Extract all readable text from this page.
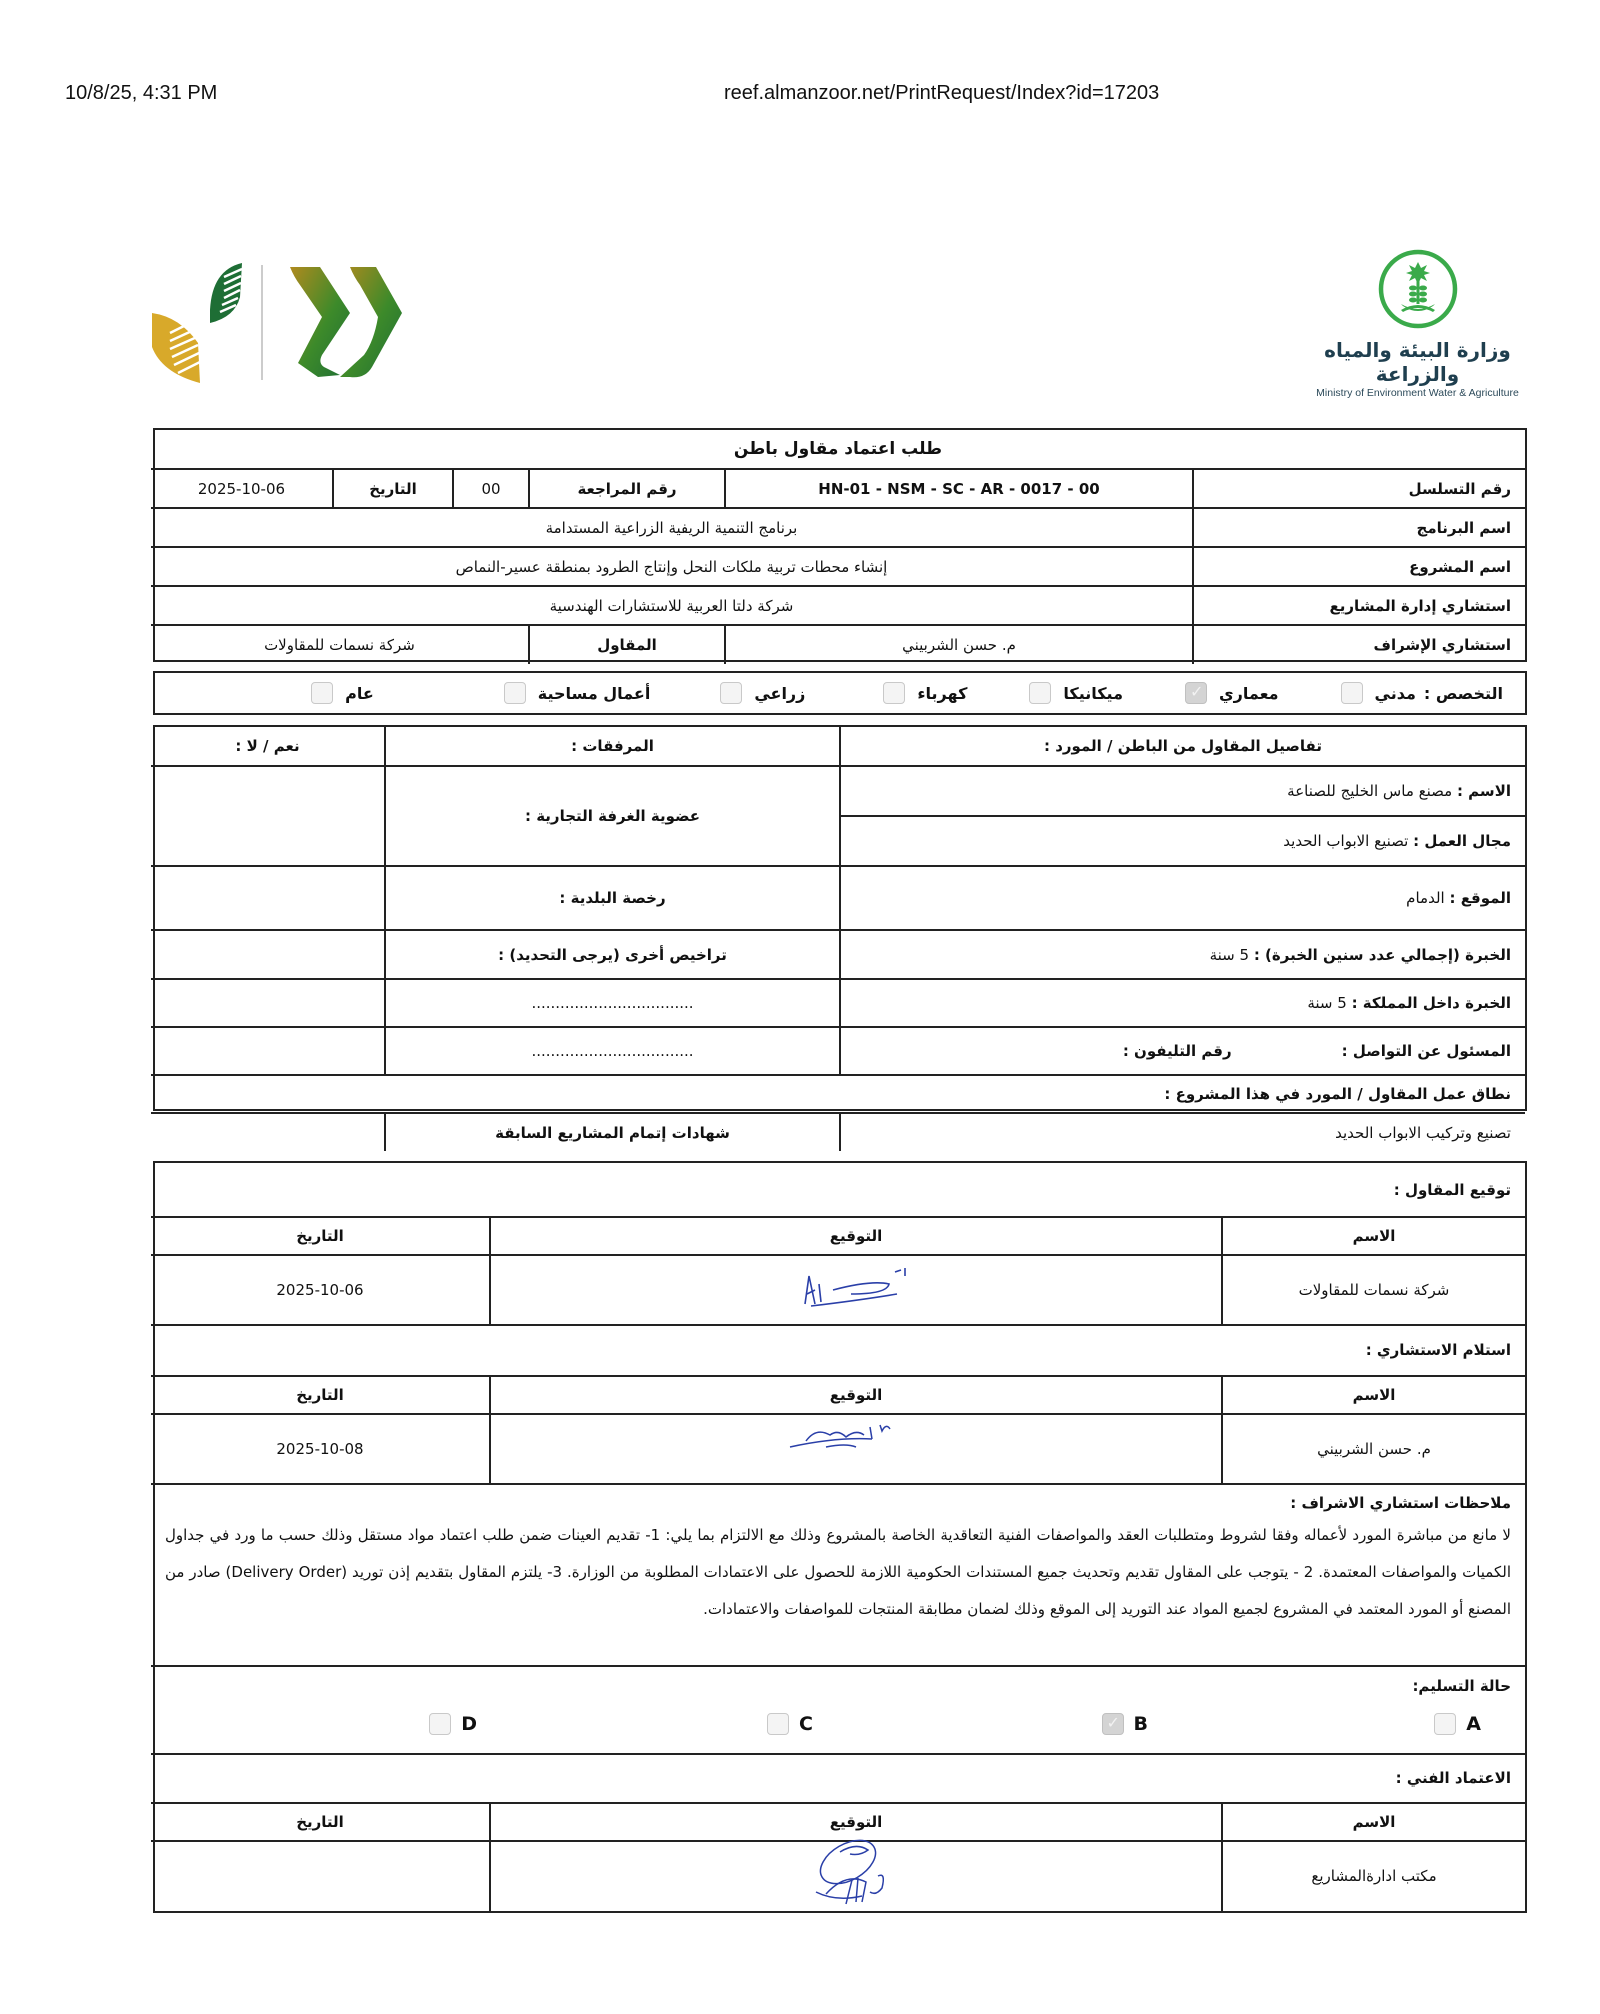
10/8/25, 4:31 PM	reef.almanzoor.net/PrintRequest/Index?id=17203
وزارة البيئة والمياه والزراعة
Ministry of Environment Water & Agriculture
طلب اعتماد مقاول باطن					
رقم التسلسل	HN-01 - NSM - SC - AR - 0017 - 00	رقم المراجعة	00	التاريخ	2025-10-06
اسم البرنامج	برنامج التنمية الريفية الزراعية المستدامة				
اسم المشروع	إنشاء محطات تربية ملكات النحل وإنتاج الطرود بمنطقة عسير-النماص				
استشاري إدارة المشاريع	شركة دلتا العربية للاستشارات الهندسية				
استشاري الإشراف	م. حسن الشربيني	المقاول	شركة نسمات للمقاولات		
التخصص :
مدني
معماري
✓
ميكانيكا
كهرباء
زراعي
أعمال مساحية
عام
تفاصيل المقاول من الباطن / المورد :	المرفقات :	نعم / لا :
الاسم : مصنع ماس الخليج للصناعة	عضوية الغرفة التجارية :	
مجال العمل : تصنيع الابواب الحديد		
الموقع : الدمام	رخصة البلدية :	
الخبرة (إجمالي عدد سنين الخبرة) : 5 سنة	تراخيص أخرى (يرجى التحديد) :	
الخبرة داخل المملكة : 5 سنة	..................................	
المسئول عن التواصل :رقم التليفون :	..................................	
نطاق عمل المقاول / المورد في هذا المشروع :		
تصنيع وتركيب الابواب الحديد	شهادات إتمام المشاريع السابقة	
توقيع المقاول :		
الاسم	التوقيع	التاريخ
شركة نسمات للمقاولات		2025-10-06
استلام الاستشاري :		
الاسم	التوقيع	التاريخ
م. حسن الشربيني		2025-10-08

ملاحظات استشاري الاشراف :
لا مانع من مباشرة المورد لأعماله وفقا لشروط ومتطلبات العقد والمواصفات الفنية التعاقدية الخاصة بالمشروع وذلك مع الالتزام بما يلي: 1- تقديم العينات ضمن طلب اعتماد مواد مستقل وذلك حسب ما ورد في جداول الكميات والمواصفات المعتمدة. 2 - يتوجب على المقاول تقديم وتحديث جميع المستندات الحكومية اللازمة للحصول على الاعتمادات المطلوبة من الوزارة. 3- يلتزم المقاول بتقديم إذن توريد (Delivery Order) صادر من المصنع أو المورد المعتمد في المشروع لجميع المواد عند التوريد إلى الموقع وذلك لضمان مطابقة المنتجات للمواصفات والاعتمادات.		

حالة التسليم:
A
B
✓
C
D

الاعتماد الفني :		
الاسم	التوقيع	التاريخ
مكتب ادارةالمشاريع	
